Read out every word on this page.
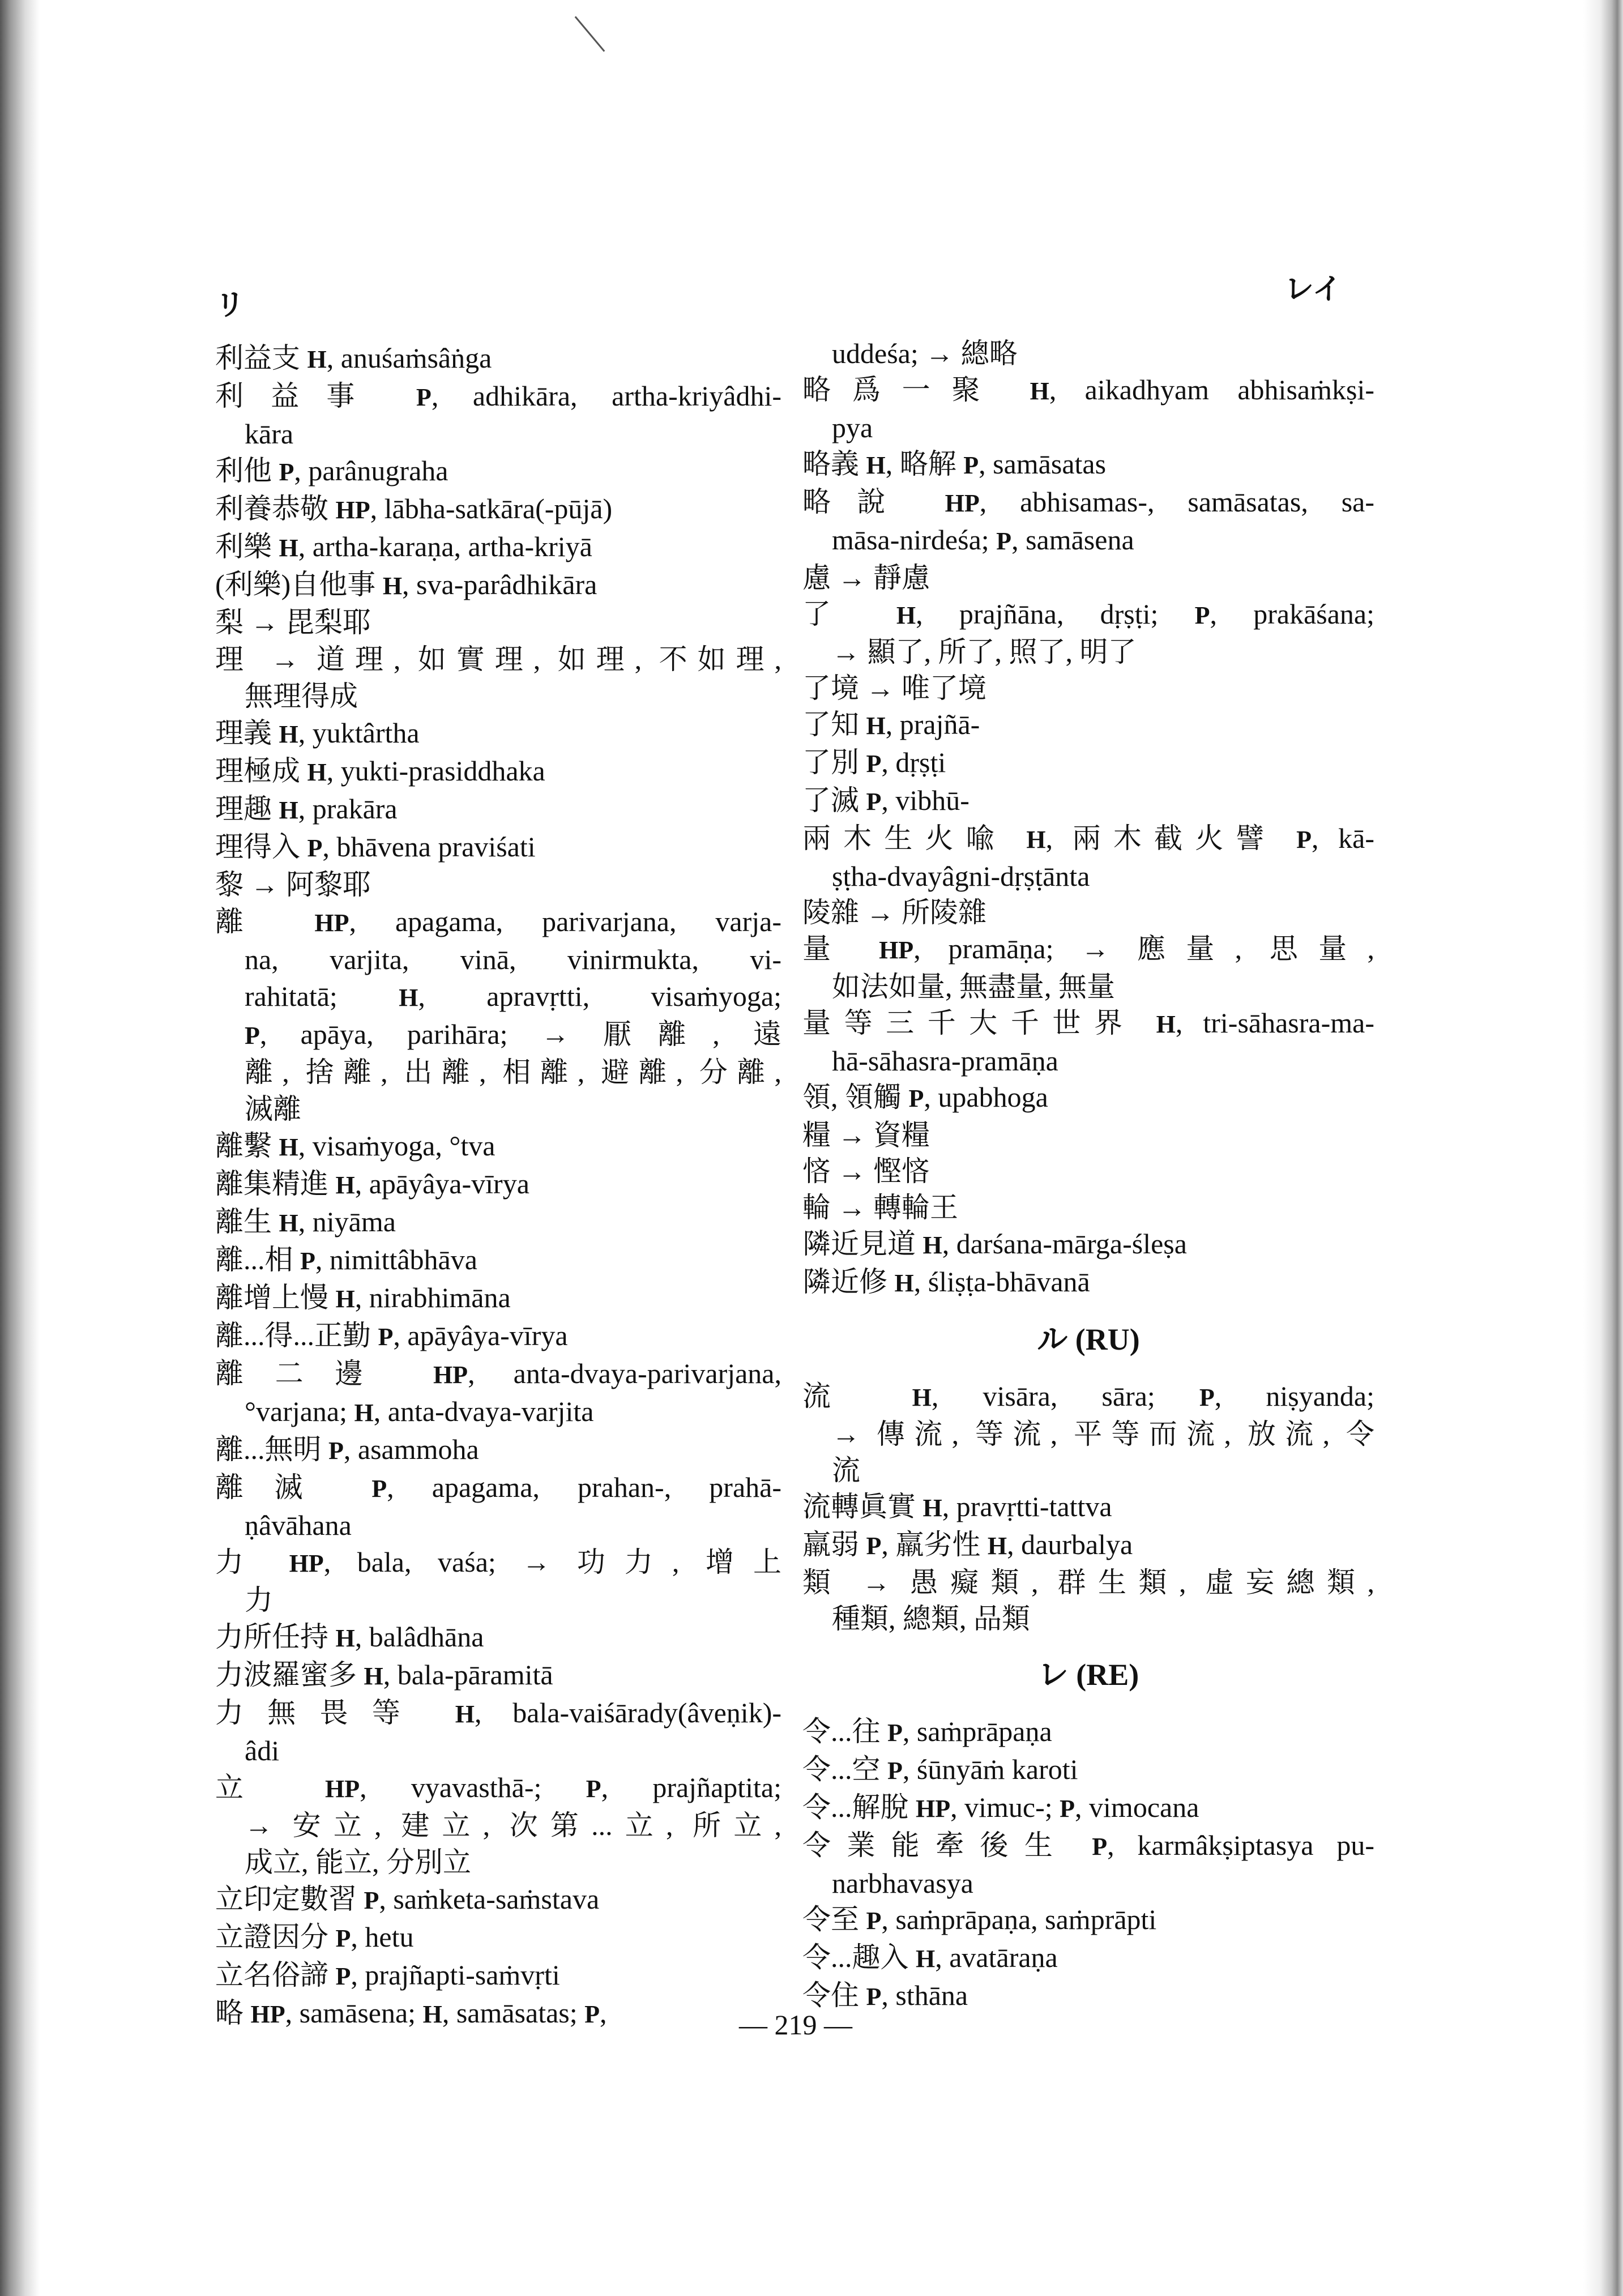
リ	レイ
利益支 H, anuśaṁsâṅga
利益事 P, adhikāra, artha-kriyâdhi-
kāra
利他 P, parânugraha
利養恭敬 HP, lābha-satkāra(-pūjā)
利樂 H, artha-karaṇa, artha-kriyā
(利樂)自他事 H, sva-parâdhikāra
梨 → 毘梨耶
理 → 道理, 如實理, 如理, 不如理,
無理得成
理義 H, yuktârtha
理極成 H, yukti-prasiddhaka
理趣 H, prakāra
理得入 P, bhāvena praviśati
黎 → 阿黎耶
離 HP, apagama, parivarjana, varja-
na, varjita, vinā, vinirmukta, vi-
rahitatā; H, apravṛtti, visaṁyoga;
P, apāya, parihāra; → 厭離, 遠
離, 捨離, 出離, 相離, 避離, 分離,
滅離
離繫 H, visaṁyoga, °tva
離集精進 H, apāyâya-vīrya
離生 H, niyāma
離...相 P, nimittâbhāva
離增上慢 H, nirabhimāna
離...得...正勤 P, apāyâya-vīrya
離二邊 HP, anta-dvaya-parivarjana,
°varjana; H, anta-dvaya-varjita
離...無明 P, asammoha
離滅 P, apagama, prahan-, prahā-
ṇâvāhana
力 HP, bala, vaśa; → 功力, 增上
力
力所任持 H, balâdhāna
力波羅蜜多 H, bala-pāramitā
力無畏等 H, bala-vaiśārady(âveṇik)-
âdi
立 HP, vyavasthā-; P, prajñaptita;
→ 安立, 建立, 次第...立, 所立,
成立, 能立, 分別立
立印定數習 P, saṁketa-saṁstava
立證因分 P, hetu
立名俗諦 P, prajñapti-saṁvṛti
略 HP, samāsena; H, samāsatas; P,
uddeśa; → 總略
略爲一聚 H, aikadhyam abhisaṁkṣi-
pya
略義 H, 略解 P, samāsatas
略說 HP, abhisamas-, samāsatas, sa-
māsa-nirdeśa; P, samāsena
慮 → 靜慮
了 H, prajñāna, dṛṣṭi; P, prakāśana;
→ 顯了, 所了, 照了, 明了
了境 → 唯了境
了知 H, prajñā-
了別 P, dṛṣṭi
了滅 P, vibhū-
兩木生火喩 H, 兩木截火譬 P, kā-
ṣṭha-dvayâgni-dṛṣṭānta
陵雜 → 所陵雜
量 HP, pramāṇa; → 應量, 思量,
如法如量, 無盡量, 無量
量等三千大千世界 H, tri-sāhasra-ma-
hā-sāhasra-pramāṇa
領, 領觸 P, upabhoga
糧 → 資糧
悋 → 慳悋
輪 → 轉輪王
隣近見道 H, darśana-mārga-śleṣa
隣近修 H, śliṣṭa-bhāvanā
ル (RU)
流 H, visāra, sāra; P, niṣyanda;
→ 傳流, 等流, 平等而流, 放流, 令
流
流轉眞實 H, pravṛtti-tattva
羸弱 P, 羸劣性 H, daurbalya
類 → 愚癡類, 群生類, 虛妄總類,
種類, 總類, 品類
レ (RE)
令...往 P, saṁprāpaṇa
令...空 P, śūnyāṁ karoti
令...解脫 HP, vimuc-; P, vimocana
令業能牽後生 P, karmâkṣiptasya pu-
narbhavasya
令至 P, saṁprāpaṇa, saṁprāpti
令...趣入 H, avatāraṇa
令住 P, sthāna
— 219 —
